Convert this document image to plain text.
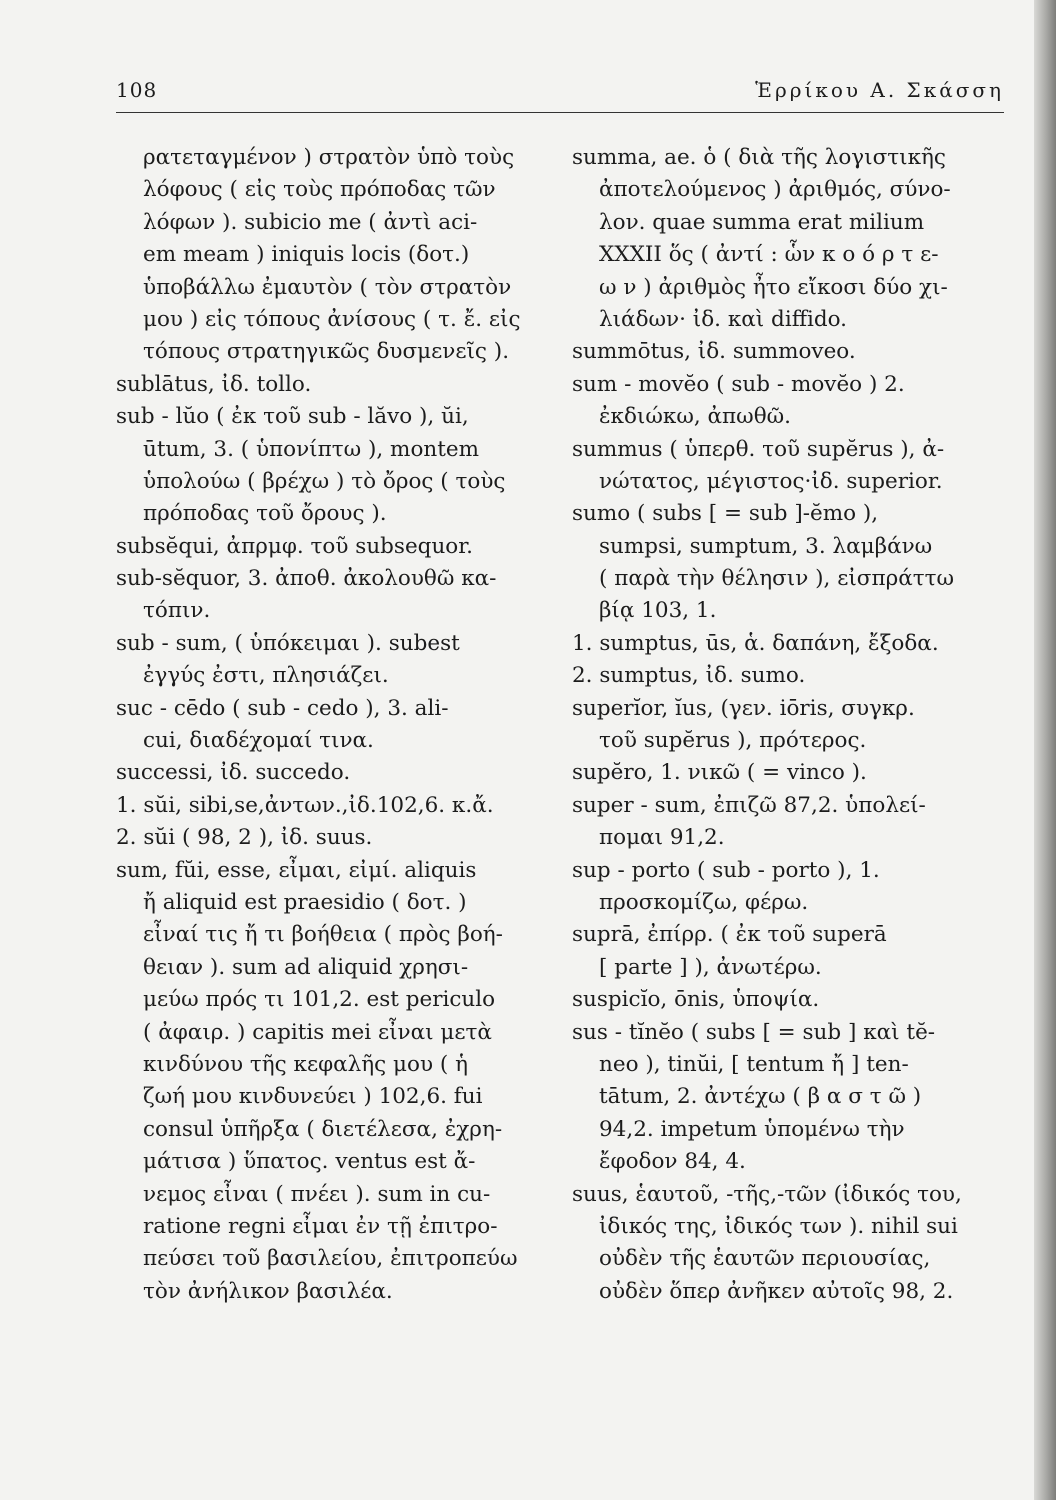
108	Ἑρρίκου Α. Σκάσση
ρατεταγμένον ) στρατὸν ὑπὸ τοὺς
λόφους ( εἰς τοὺς πρόποδας τῶν
λόφων ). subicio me ( ἀντὶ aci-
em meam ) iniquis locis (δοτ.)
ὑποβάλλω ἐμαυτὸν ( τὸν στρατὸν
μου ) εἰς τόπους ἀνίσους ( τ. ἔ. εἰς
τόπους στρατηγικῶς δυσμενεῖς ).
sublātus, ἰδ. tollo.
sub - lŭo ( ἐκ τοῦ sub - lăvo ), ŭi,
ūtum, 3. ( ὑπονίπτω ), montem
ὑπολούω ( βρέχω ) τὸ ὄρος ( τοὺς
πρόποδας τοῦ ὄρους ).
subsĕqui, ἀπρμφ. τοῦ subsequor.
sub-sĕquor, 3. ἀποθ. ἀκολουθῶ κα-
τόπιν.
sub - sum, ( ὑπόκειμαι ). subest
ἐγγύς ἐστι, πλησιάζει.
suc - cēdo ( sub - cedo ), 3. ali-
cui, διαδέχομαί τινα.
successi, ἰδ. succedo.
1. sŭi, sibi,se,ἀντων.,ἰδ.102,6. κ.ἄ.
2. sŭi ( 98, 2 ), ἰδ. suus.
sum, fŭi, esse, εἶμαι, εἰμί. aliquis
ἤ aliquid est praesidio ( δοτ. )
εἶναί τις ἤ τι βοήθεια ( πρὸς βοή-
θειαν ). sum ad aliquid χρησι-
μεύω πρός τι 101,2. est periculo
( ἀφαιρ. ) capitis mei εἶναι μετὰ
κινδύνου τῆς κεφαλῆς μου ( ἡ
ζωή μου κινδυνεύει ) 102,6. fui
consul ὑπῆρξα ( διετέλεσα, ἐχρη-
μάτισα ) ὕπατος. ventus est ἄ-
νεμος εἶναι ( πνέει ). sum in cu-
ratione regni εἶμαι ἐν τῇ ἐπιτρο-
πεύσει τοῦ βασιλείου, ἐπιτροπεύω
τὸν ἀνήλικον βασιλέα.
summa, ae. ὁ ( διὰ τῆς λογιστικῆς
ἀποτελούμενος ) ἀριθμός, σύνο-
λον. quae summa erat milium
XXXII ὅς ( ἀντί : ὧν κ ο ό ρ τ ε-
ω ν ) ἀριθμὸς ἦτο εἴκοσι δύο χι-
λιάδων· ἰδ. καὶ diffido.
summōtus, ἰδ. summoveo.
sum - movĕo ( sub - movĕo ) 2.
ἐκδιώκω, ἀπωθῶ.
summus ( ὑπερθ. τοῦ supĕrus ), ἀ-
νώτατος, μέγιστος·ἰδ. superior.
sumo ( subs [ = sub ]-ĕmo ),
sumpsi, sumptum, 3. λαμβάνω
( παρὰ τὴν θέλησιν ), εἰσπράττω
βίᾳ 103, 1.
1. sumptus, ūs, ἁ. δαπάνη, ἔξοδα.
2. sumptus, ἰδ. sumo.
superĭor, ĭus, (γεν. iōris, συγκρ.
τοῦ supĕrus ), πρότερος.
supĕro, 1. νικῶ ( = vinco ).
super - sum, ἐπιζῶ 87,2. ὑπολεί-
πομαι 91,2.
sup - porto ( sub - porto ), 1.
προσκομίζω, φέρω.
suprā, ἐπίρρ. ( ἐκ τοῦ superā
[ parte ] ), ἀνωτέρω.
suspicĭo, ōnis, ὑποψία.
sus - tĭnĕo ( subs [ = sub ] καὶ tĕ-
neo ), tinŭi, [ tentum ἤ ] ten-
tātum, 2. ἀντέχω ( β α σ τ ῶ )
94,2. impetum ὑπομένω τὴν
ἔφοδον 84, 4.
suus, ἑαυτοῦ, -τῆς,-τῶν (ἰδικός του,
ἰδικός της, ἰδικός των ). nihil sui
οὐδὲν τῆς ἑαυτῶν περιουσίας,
οὐδὲν ὅπερ ἀνῆκεν αὐτοῖς 98, 2.
